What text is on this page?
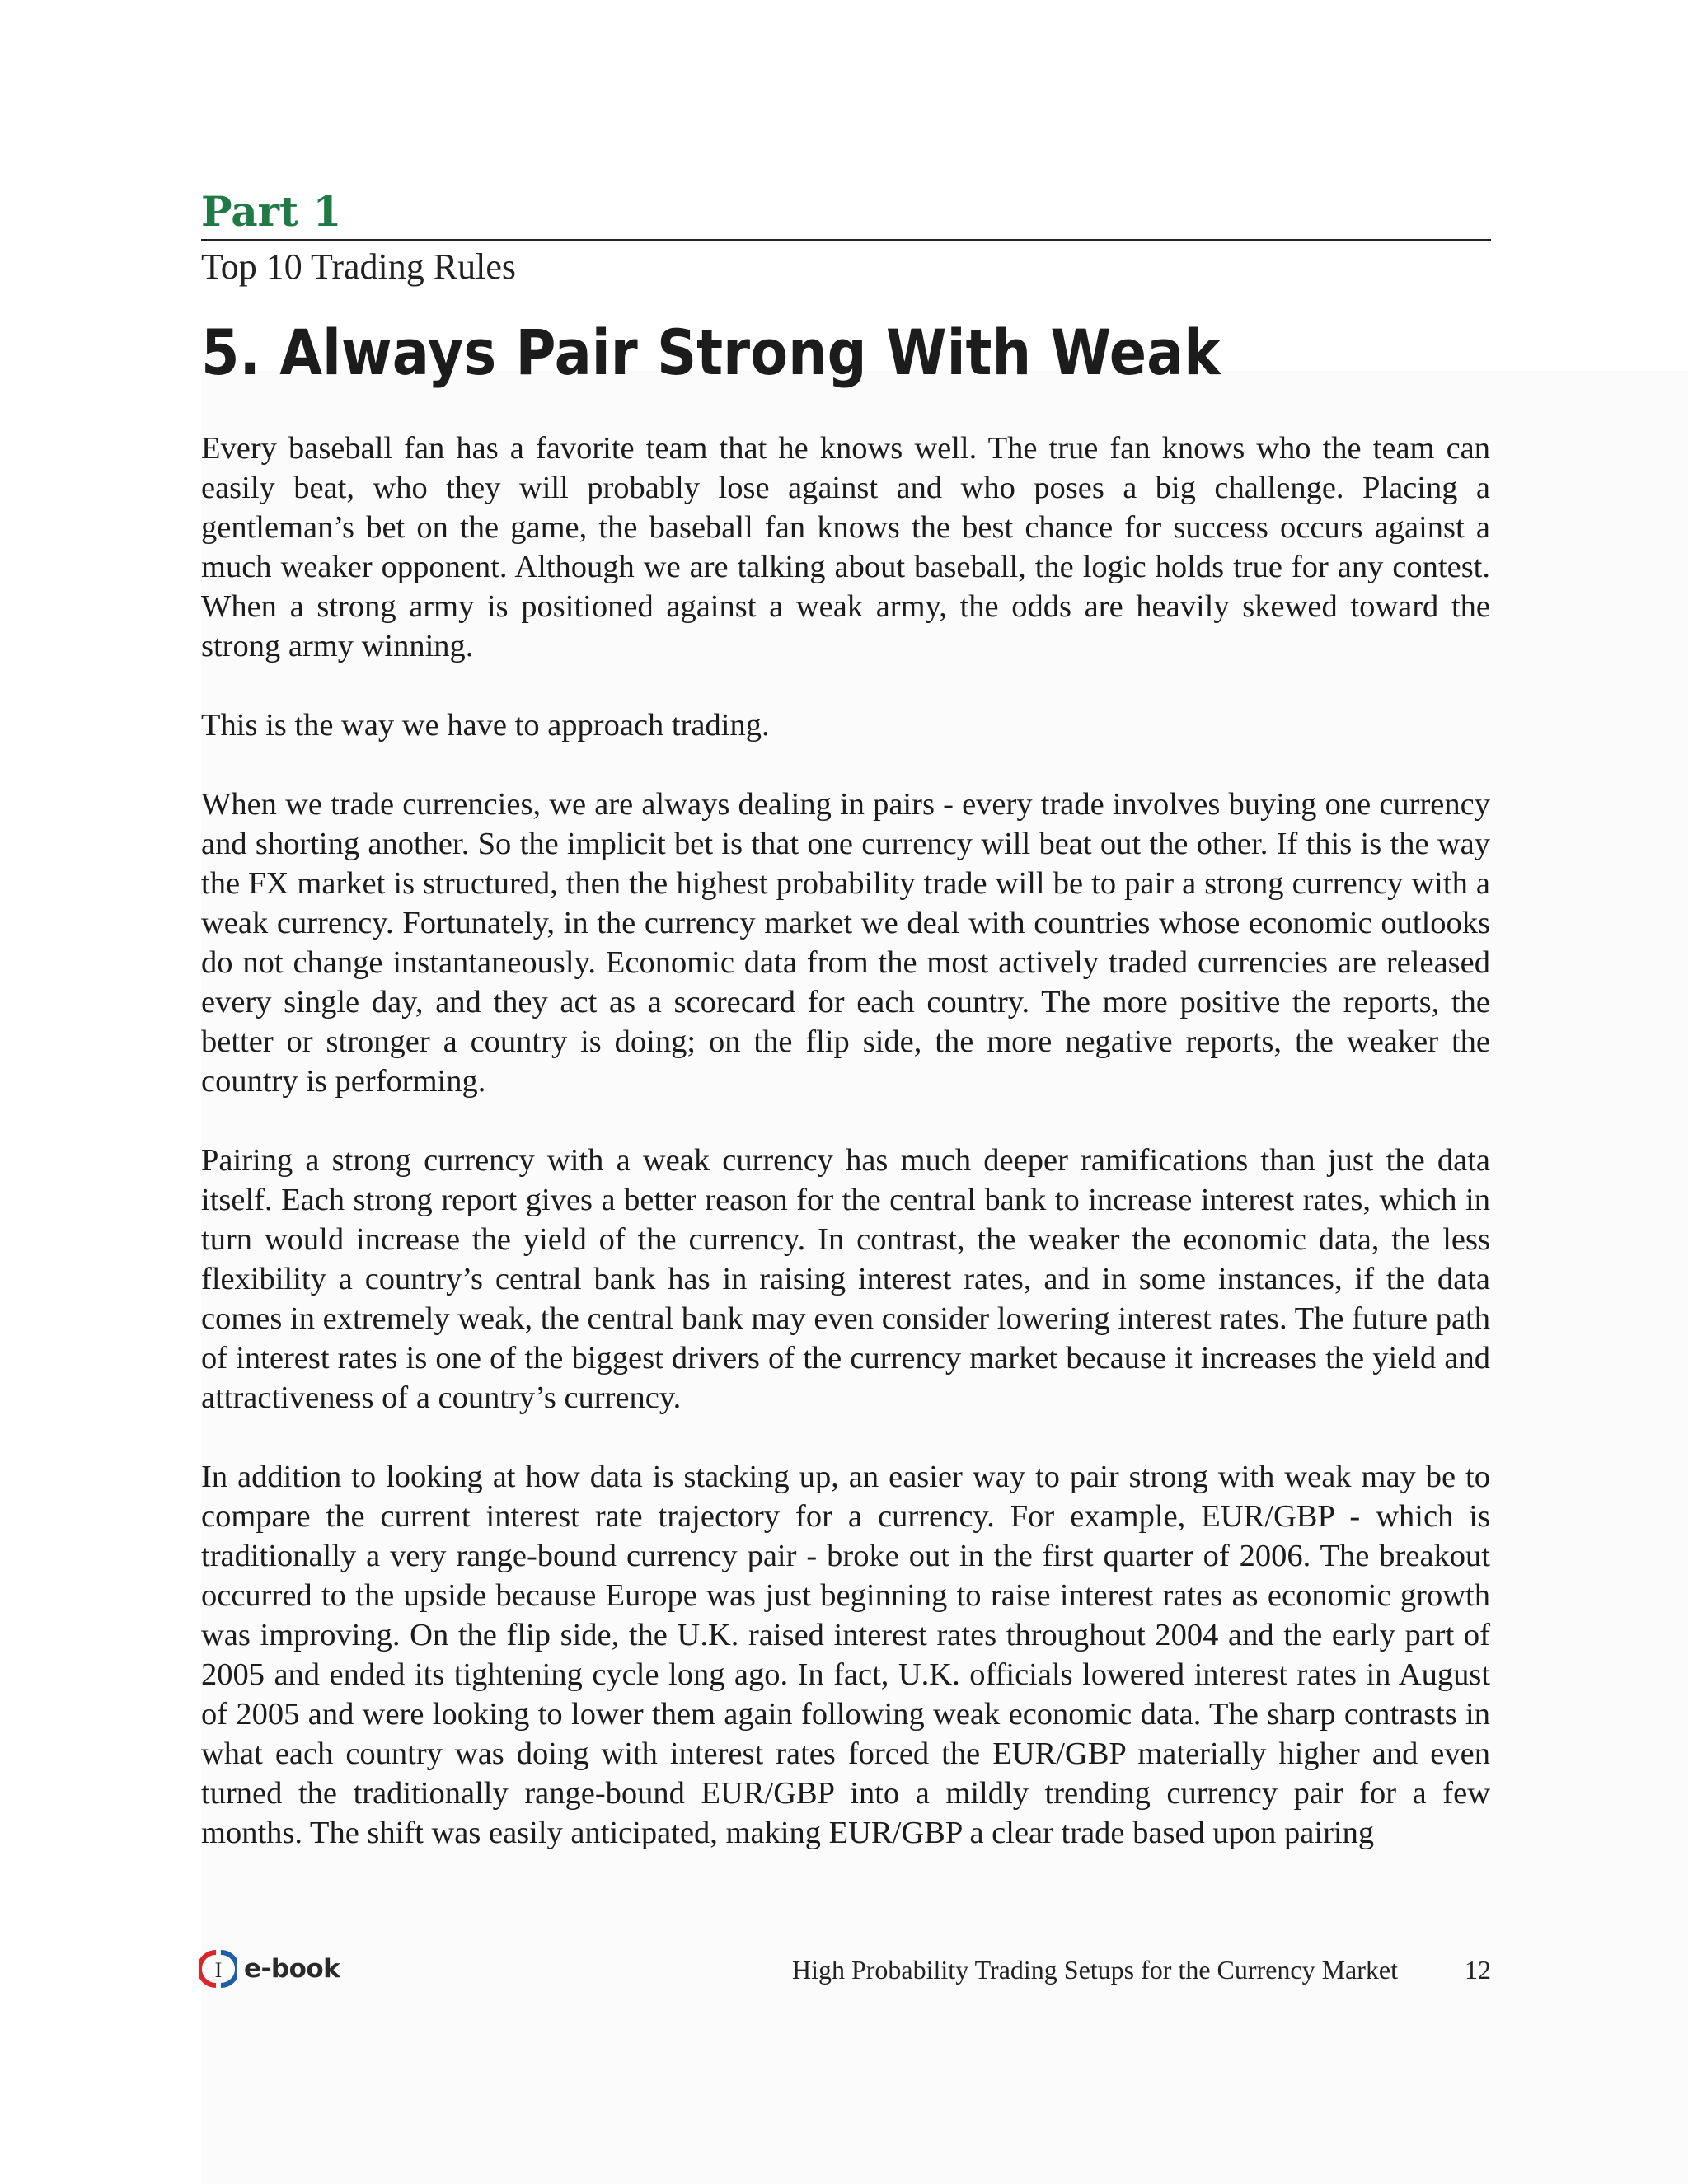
Part 1
Top 10 Trading Rules
5. Always Pair Strong With Weak

Every baseball fan has a favorite team that he knows well. The true fan knows who the team can easily beat, who they will probably lose against and who poses a big challenge. Placing a gentleman’s bet on the game, the baseball fan knows the best chance for success occurs against a much weaker opponent. Although we are talking about baseball, the logic holds true for any contest. When a strong army is positioned against a weak army, the odds are heavily skewed toward the strong army winning.

This is the way we have to approach trading.

When we trade currencies, we are always dealing in pairs - every trade involves buying one currency and shorting another. So the implicit bet is that one currency will beat out the other. If this is the way the FX market is structured, then the highest probability trade will be to pair a strong currency with a weak currency. Fortunately, in the currency market we deal with countries whose economic outlooks do not change instantaneously. Economic data from the most actively traded currencies are released every single day, and they act as a scorecard for each country. The more positive the reports, the better or stronger a country is doing; on the flip side, the more negative reports, the weaker the country is performing.

Pairing a strong currency with a weak currency has much deeper ramifications than just the data itself. Each strong report gives a better reason for the central bank to increase interest rates, which in turn would increase the yield of the currency. In contrast, the weaker the economic data, the less flexibility a country’s central bank has in raising interest rates, and in some instances, if the data comes in extremely weak, the central bank may even consider lowering interest rates. The future path of interest rates is one of the biggest drivers of the currency market because it increases the yield and attractiveness of a country’s currency.

In addition to looking at how data is stacking up, an easier way to pair strong with weak may be to compare the current interest rate trajectory for a currency. For example, EUR/GBP - which is traditionally a very range-bound currency pair - broke out in the first quarter of 2006. The breakout occurred to the upside because Europe was just beginning to raise interest rates as economic growth was improving. On the flip side, the U.K. raised interest rates throughout 2004 and the early part of 2005 and ended its tightening cycle long ago. In fact, U.K. officials lowered interest rates in August of 2005 and were looking to lower them again following weak economic data. The sharp contrasts in what each country was doing with interest rates forced the EUR/GBP materially higher and even turned the traditionally range-bound EUR/GBP into a mildly trending currency pair for a few months. The shift was easily anticipated, making EUR/GBP a clear trade based upon pairing

I e-book	High Probability Trading Setups for the Currency Market	12
